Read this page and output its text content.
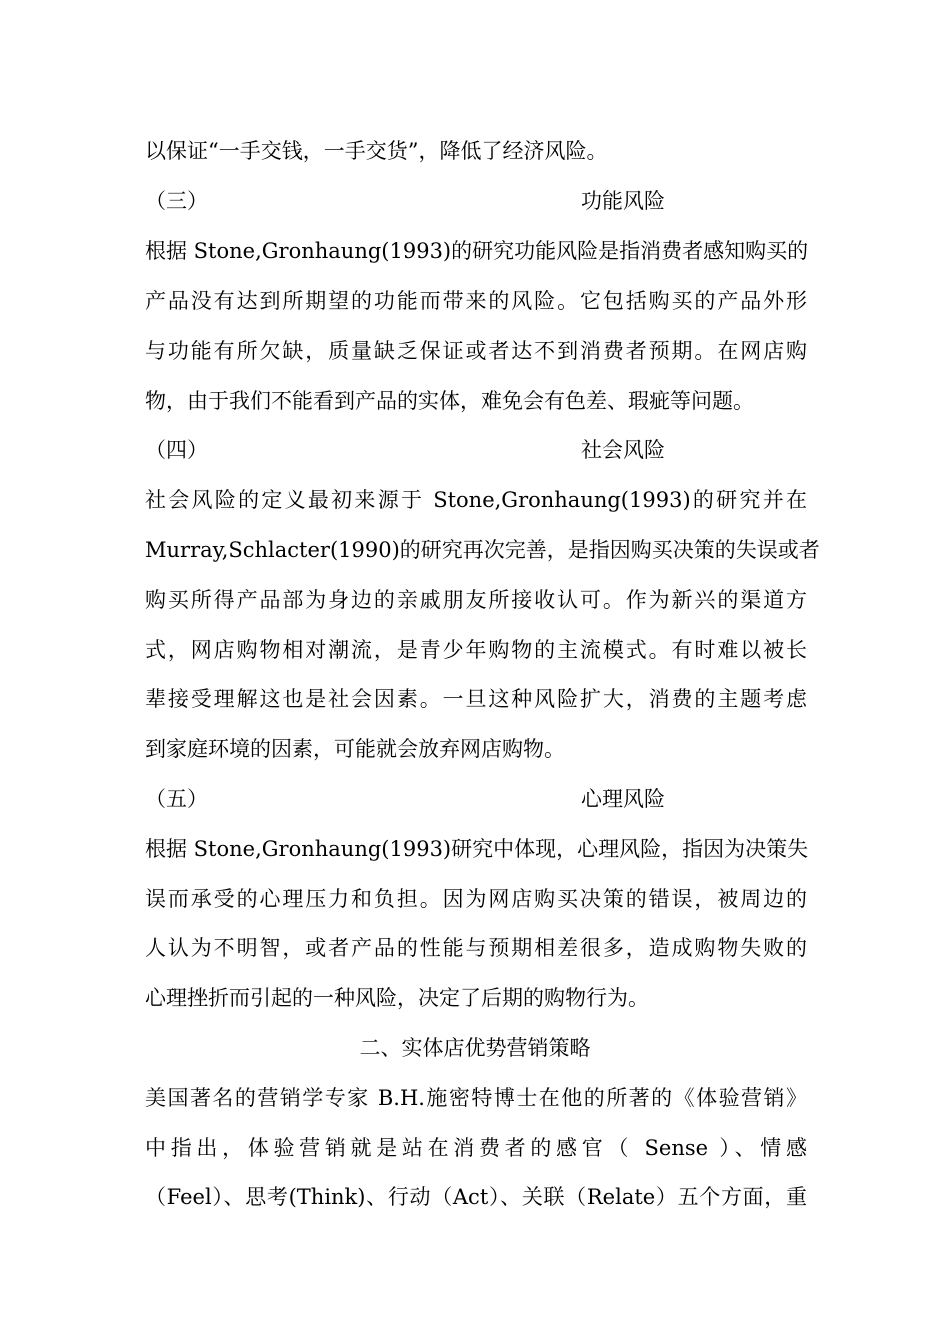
以保证“一手交钱，一手交货”，降低了经济风险。
（三）	功能风险
根据 Stone,Gronhaung(1993)的研究功能风险是指消费者感知购买的
产品没有达到所期望的功能而带来的风险。它包括购买的产品外形
与功能有所欠缺，质量缺乏保证或者达不到消费者预期。在网店购
物，由于我们不能看到产品的实体，难免会有色差、瑕疵等问题。
（四）	社会风险
社会风险的定义最初来源于 Stone,Gronhaung(1993)的研究并在
Murray,Schlacter(1990)的研究再次完善，是指因购买决策的失误或者
购买所得产品部为身边的亲戚朋友所接收认可。作为新兴的渠道方
式，网店购物相对潮流，是青少年购物的主流模式。有时难以被长
辈接受理解这也是社会因素。一旦这种风险扩大，消费的主题考虑
到家庭环境的因素，可能就会放弃网店购物。
（五）	心理风险
根据 Stone,Gronhaung(1993)研究中体现，心理风险，指因为决策失
误而承受的心理压力和负担。因为网店购买决策的错误，被周边的
人认为不明智，或者产品的性能与预期相差很多，造成购物失败的
心理挫折而引起的一种风险，决定了后期的购物行为。
二、实体店优势营销策略
美国著名的营销学专家 B.H.施密特博士在他的所著的《体验营销》
中指出，体验营销就是站在消费者的感官（ Sense ）、情感
（Feel）、思考(Think)、行动（Act）、关联（Relate）五个方面，重
